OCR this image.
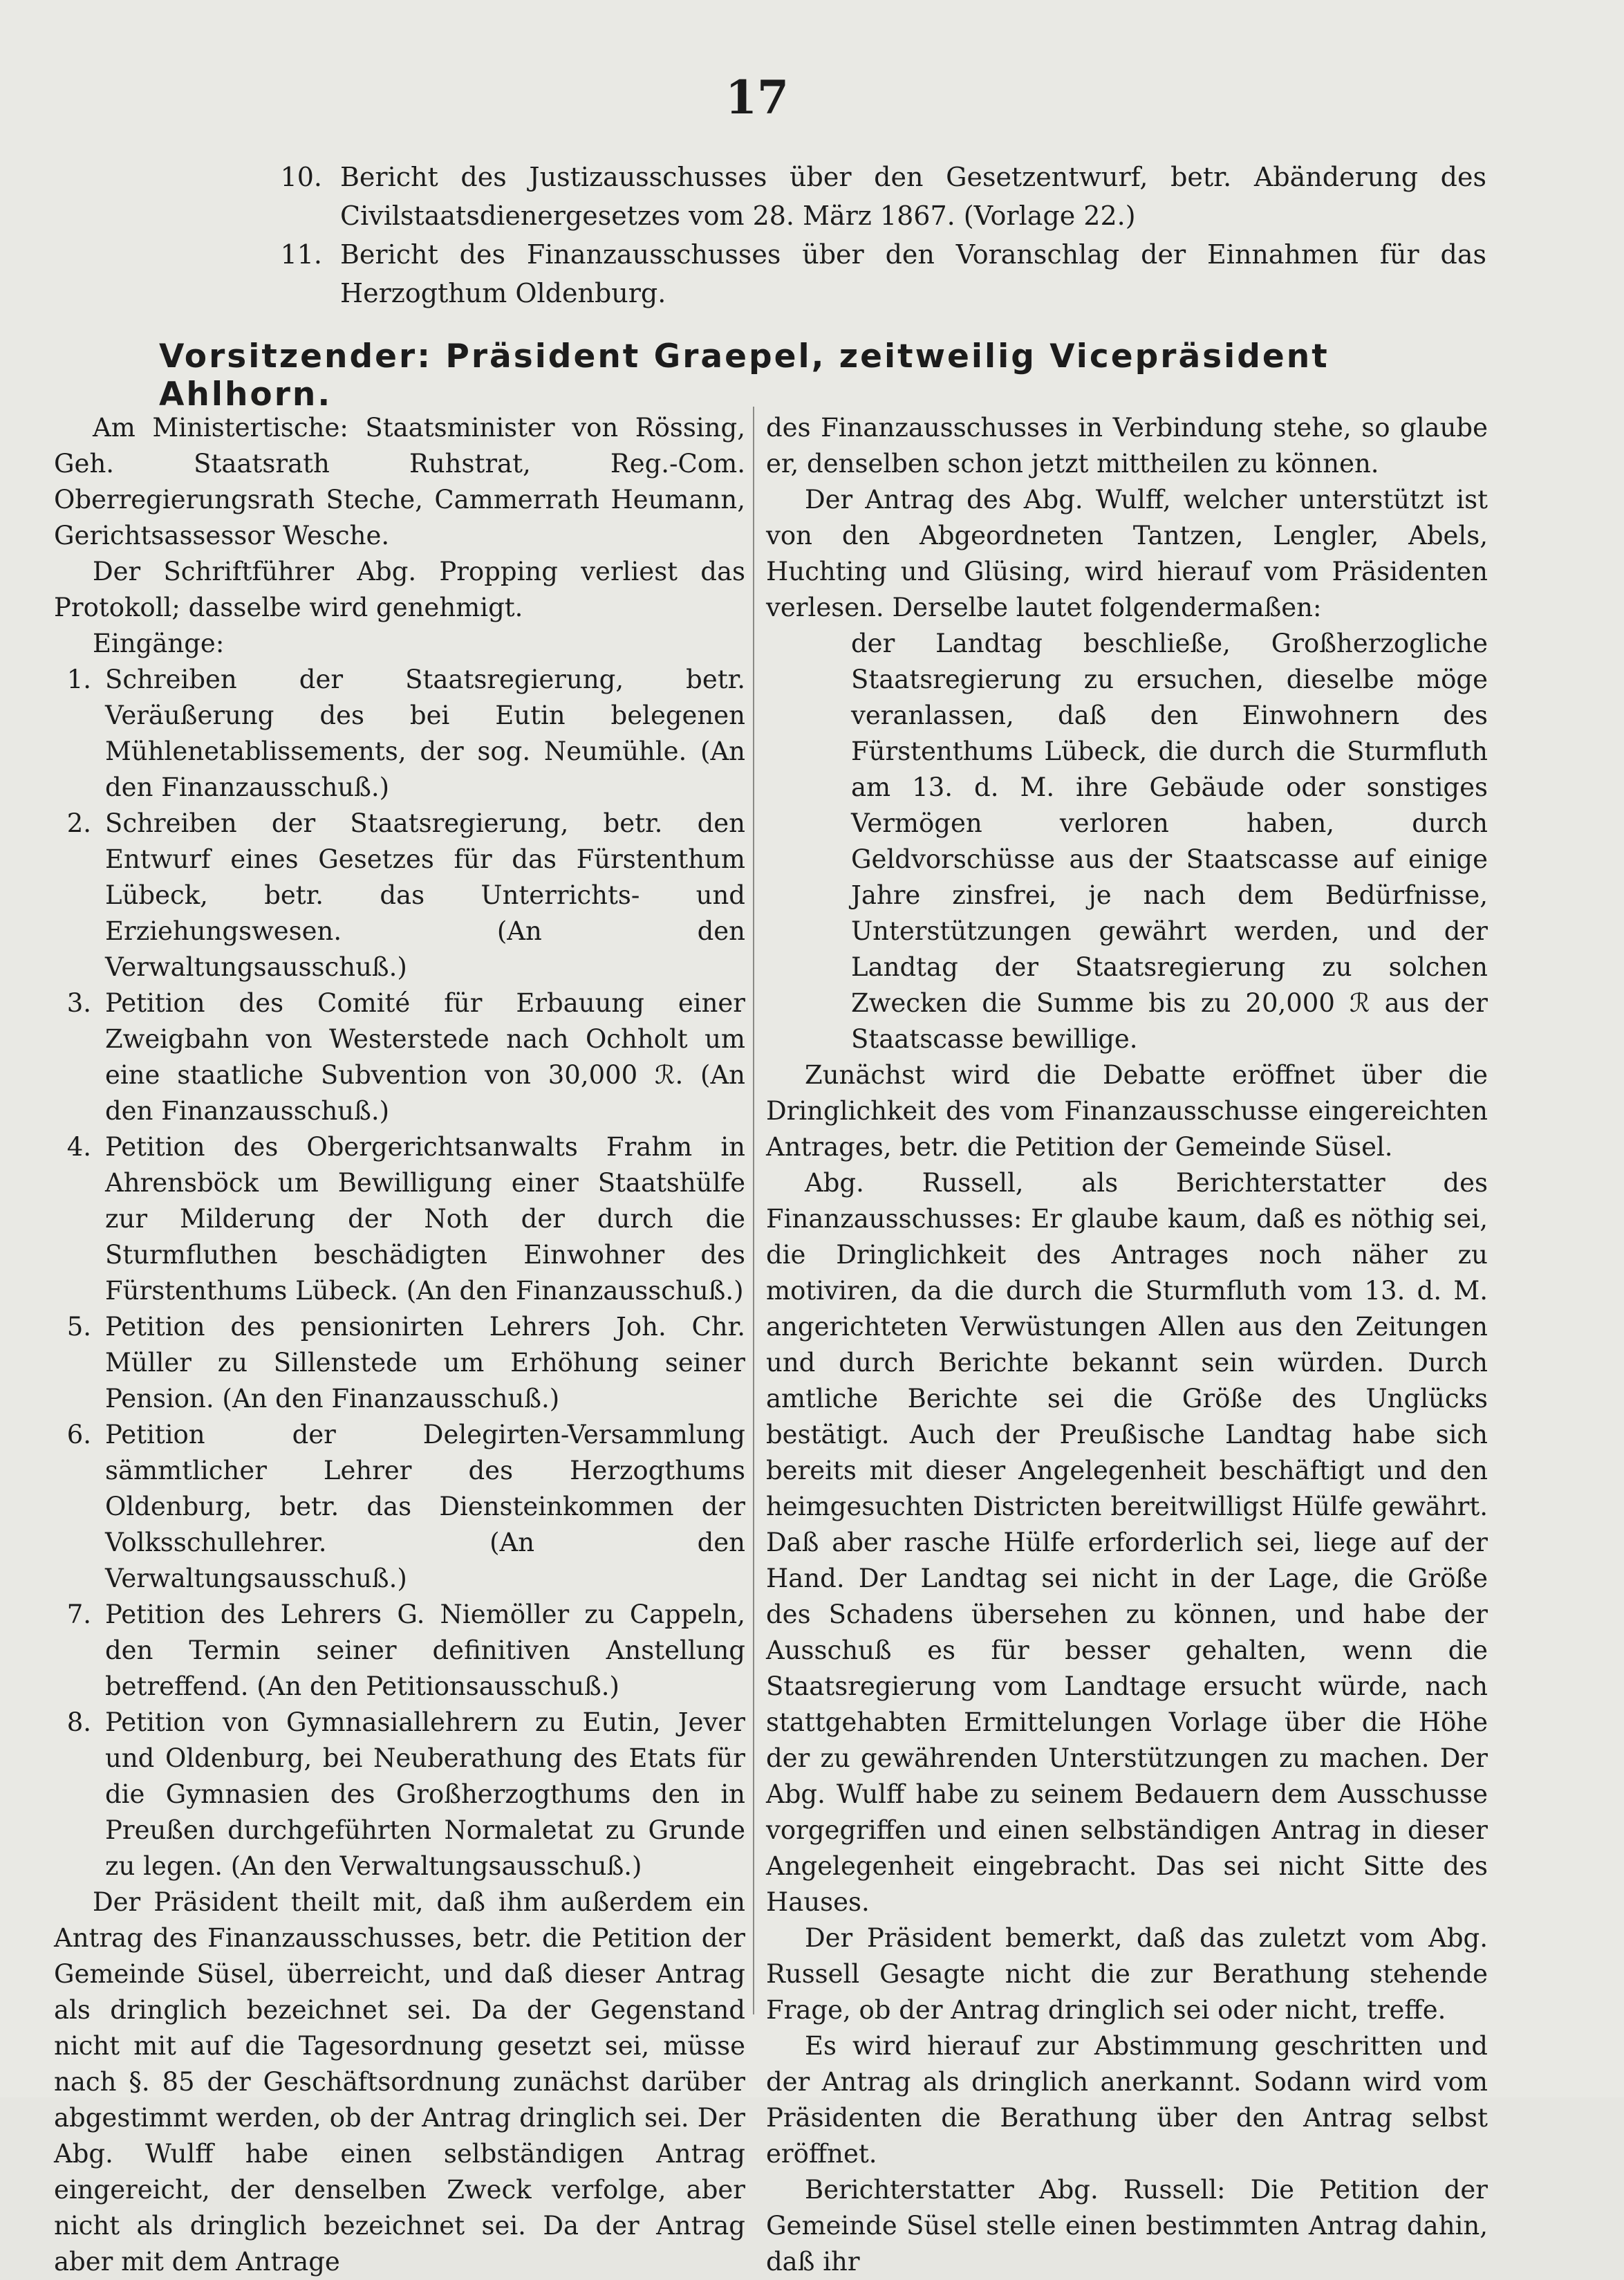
17
10. Bericht des Justizausschusses über den Gesetzentwurf, betr. Abänderung des Civilstaatsdienergesetzes vom 28. März 1867. (Vorlage 22.)
11. Bericht des Finanzausschusses über den Voranschlag der Einnahmen für das Herzogthum Oldenburg.
Vorsitzender: Präsident Graepel, zeitweilig Vicepräsident Ahlhorn.

Am Ministertische: Staatsminister von Rössing, Geh. Staatsrath Ruhstrat, Reg.-Com. Oberregierungsrath Steche, Cammerrath Heumann, Gerichtsassessor Wesche.

Der Schriftführer Abg. Propping verliest das Protokoll; dasselbe wird genehmigt.

Eingänge:

1. Schreiben der Staatsregierung, betr. Veräußerung des bei Eutin belegenen Mühlenetablissements, der sog. Neumühle. (An den Finanzausschuß.)
2. Schreiben der Staatsregierung, betr. den Entwurf eines Gesetzes für das Fürstenthum Lübeck, betr. das Unterrichts- und Erziehungswesen. (An den Verwaltungsausschuß.)
3. Petition des Comité für Erbauung einer Zweigbahn von Westerstede nach Ochholt um eine staatliche Subvention von 30,000 ℛ. (An den Finanzausschuß.)
4. Petition des Obergerichtsanwalts Frahm in Ahrensböck um Bewilligung einer Staatshülfe zur Milderung der Noth der durch die Sturmfluthen beschädigten Einwohner des Fürstenthums Lübeck. (An den Finanzausschuß.)
5. Petition des pensionirten Lehrers Joh. Chr. Müller zu Sillenstede um Erhöhung seiner Pension. (An den Finanzausschuß.)
6. Petition der Delegirten-Versammlung sämmtlicher Lehrer des Herzogthums Oldenburg, betr. das Diensteinkommen der Volksschullehrer. (An den Verwaltungsausschuß.)
7. Petition des Lehrers G. Niemöller zu Cappeln, den Termin seiner definitiven Anstellung betreffend. (An den Petitionsausschuß.)
8. Petition von Gymnasiallehrern zu Eutin, Jever und Oldenburg, bei Neuberathung des Etats für die Gymnasien des Großherzogthums den in Preußen durchgeführten Normaletat zu Grunde zu legen. (An den Verwaltungsausschuß.)

Der Präsident theilt mit, daß ihm außerdem ein Antrag des Finanzausschusses, betr. die Petition der Gemeinde Süsel, überreicht, und daß dieser Antrag als dringlich bezeichnet sei. Da der Gegenstand nicht mit auf die Tagesordnung gesetzt sei, müsse nach §. 85 der Geschäftsordnung zunächst darüber abgestimmt werden, ob der Antrag dringlich sei. Der Abg. Wulff habe einen selbständigen Antrag eingereicht, der denselben Zweck verfolge, aber nicht als dringlich bezeichnet sei. Da der Antrag aber mit dem Antrage

des Finanzausschusses in Verbindung stehe, so glaube er, denselben schon jetzt mittheilen zu können.

Der Antrag des Abg. Wulff, welcher unterstützt ist von den Abgeordneten Tantzen, Lengler, Abels, Huchting und Glüsing, wird hierauf vom Präsidenten verlesen. Derselbe lautet folgendermaßen:

der Landtag beschließe, Großherzogliche Staatsregierung zu ersuchen, dieselbe möge veranlassen, daß den Einwohnern des Fürstenthums Lübeck, die durch die Sturmfluth am 13. d. M. ihre Gebäude oder sonstiges Vermögen verloren haben, durch Geldvorschüsse aus der Staatscasse auf einige Jahre zinsfrei, je nach dem Bedürfnisse, Unterstützungen gewährt werden, und der Landtag der Staatsregierung zu solchen Zwecken die Summe bis zu 20,000 ℛ aus der Staatscasse bewillige.

Zunächst wird die Debatte eröffnet über die Dringlichkeit des vom Finanzausschusse eingereichten Antrages, betr. die Petition der Gemeinde Süsel.

Abg. Russell, als Berichterstatter des Finanzausschusses: Er glaube kaum, daß es nöthig sei, die Dringlichkeit des Antrages noch näher zu motiviren, da die durch die Sturmfluth vom 13. d. M. angerichteten Verwüstungen Allen aus den Zeitungen und durch Berichte bekannt sein würden. Durch amtliche Berichte sei die Größe des Unglücks bestätigt. Auch der Preußische Landtag habe sich bereits mit dieser Angelegenheit beschäftigt und den heimgesuchten Districten bereitwilligst Hülfe gewährt. Daß aber rasche Hülfe erforderlich sei, liege auf der Hand. Der Landtag sei nicht in der Lage, die Größe des Schadens übersehen zu können, und habe der Ausschuß es für besser gehalten, wenn die Staatsregierung vom Landtage ersucht würde, nach stattgehabten Ermittelungen Vorlage über die Höhe der zu gewährenden Unterstützungen zu machen. Der Abg. Wulff habe zu seinem Bedauern dem Ausschusse vorgegriffen und einen selbständigen Antrag in dieser Angelegenheit eingebracht. Das sei nicht Sitte des Hauses.

Der Präsident bemerkt, daß das zuletzt vom Abg. Russell Gesagte nicht die zur Berathung stehende Frage, ob der Antrag dringlich sei oder nicht, treffe.

Es wird hierauf zur Abstimmung geschritten und der Antrag als dringlich anerkannt. Sodann wird vom Präsidenten die Berathung über den Antrag selbst eröffnet.

Berichterstatter Abg. Russell: Die Petition der Gemeinde Süsel stelle einen bestimmten Antrag dahin, daß ihr
